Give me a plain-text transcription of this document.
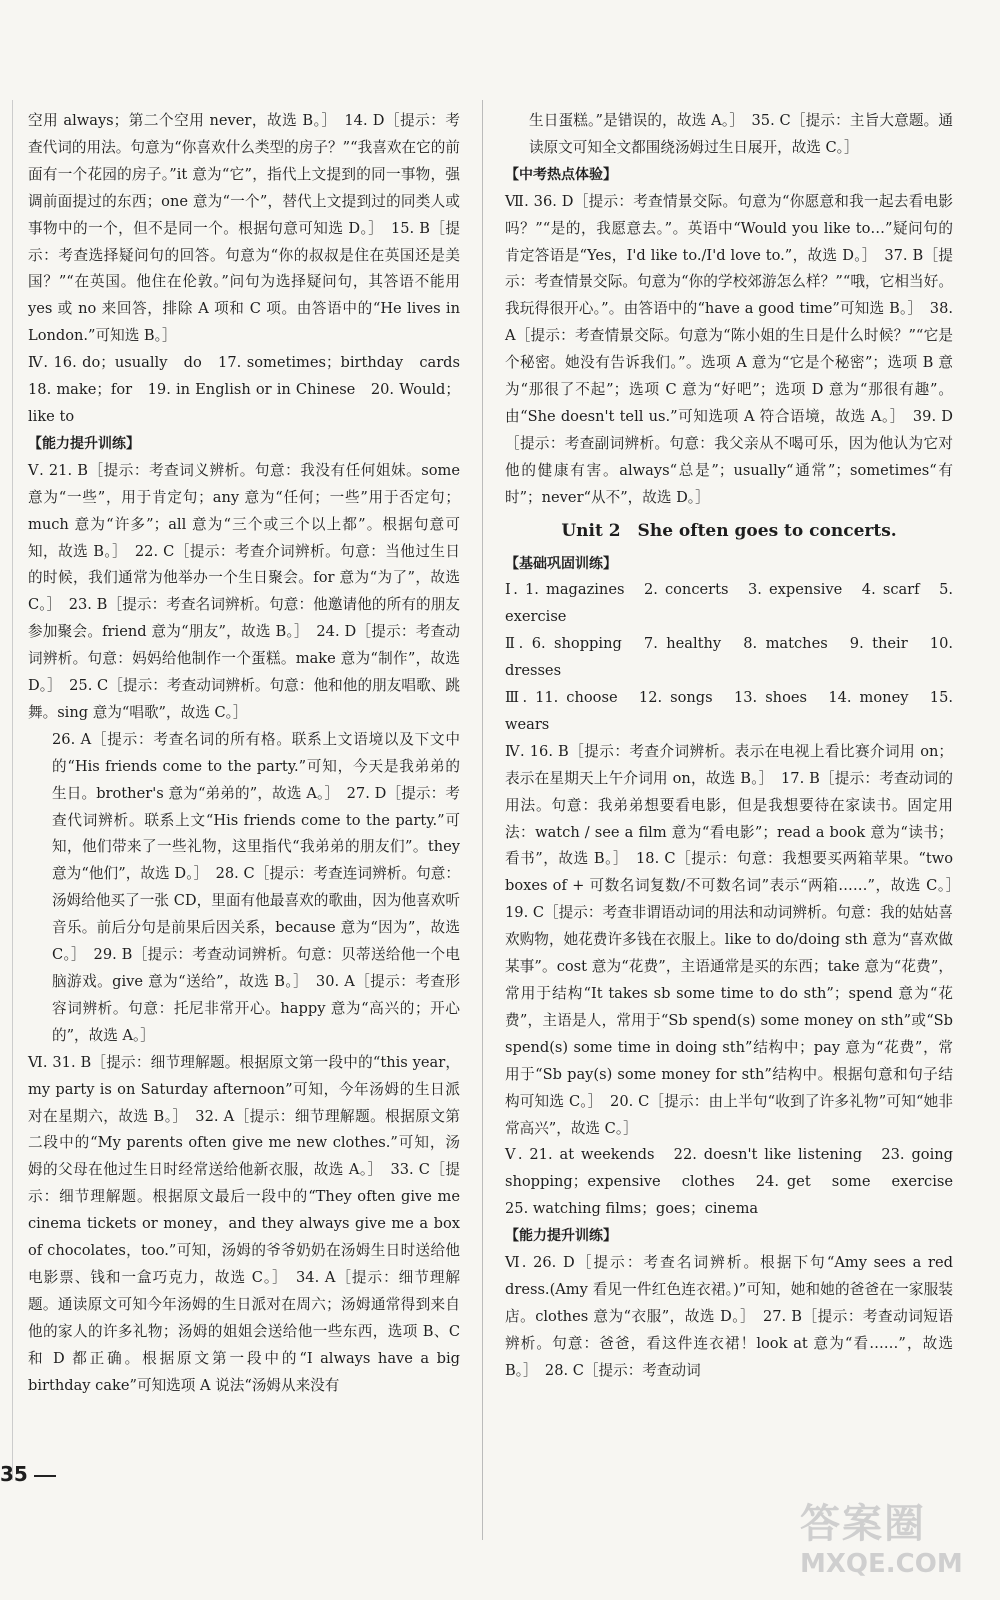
空用 always；第二个空用 never，故选 B。］　14. D［提示：考查代词的用法。句意为“你喜欢什么类型的房子？”“我喜欢在它的前面有一个花园的房子。”it 意为“它”，指代上文提到的同一事物，强调前面提过的东西；one 意为“一个”，替代上文提到过的同类人或事物中的一个，但不是同一个。根据句意可知选 D。］　15. B［提示：考查选择疑问句的回答。句意为“你的叔叔是住在英国还是美国？”“在英国。他住在伦敦。”问句为选择疑问句，其答语不能用 yes 或 no 来回答，排除 A 项和 C 项。由答语中的“He lives in London.”可知选 B。］

Ⅳ. 16. do；usually　do　17. sometimes；birthday　cards　18. make；for　19. in English or in Chinese　20. Would；like to

【能力提升训练】

Ⅴ. 21. B［提示：考查词义辨析。句意：我没有任何姐妹。some 意为“一些”，用于肯定句；any 意为“任何；一些”用于否定句；much 意为“许多”；all 意为“三个或三个以上都”。根据句意可知，故选 B。］　22. C［提示：考查介词辨析。句意：当他过生日的时候，我们通常为他举办一个生日聚会。for 意为“为了”，故选 C。］　23. B［提示：考查名词辨析。句意：他邀请他的所有的朋友参加聚会。friend 意为“朋友”，故选 B。］　24. D［提示：考查动词辨析。句意：妈妈给他制作一个蛋糕。make 意为“制作”，故选 D。］　25. C［提示：考查动词辨析。句意：他和他的朋友唱歌、跳舞。sing 意为“唱歌”，故选 C。］

26. A［提示：考查名词的所有格。联系上文语境以及下文中的“His friends come to the party.”可知，今天是我弟弟的生日。brother's 意为“弟弟的”，故选 A。］　27. D［提示：考查代词辨析。联系上文“His friends come to the party.”可知，他们带来了一些礼物，这里指代“我弟弟的朋友们”。they 意为“他们”，故选 D。］　28. C［提示：考查连词辨析。句意：汤姆给他买了一张 CD，里面有他最喜欢的歌曲，因为他喜欢听音乐。前后分句是前果后因关系，because 意为“因为”，故选 C。］　29. B［提示：考查动词辨析。句意：贝蒂送给他一个电脑游戏。give 意为“送给”，故选 B。］　30. A［提示：考查形容词辨析。句意：托尼非常开心。happy 意为“高兴的；开心的”，故选 A。］

Ⅵ. 31. B［提示：细节理解题。根据原文第一段中的“this year，my party is on Saturday afternoon”可知，今年汤姆的生日派对在星期六，故选 B。］　32. A［提示：细节理解题。根据原文第二段中的“My parents often give me new clothes.”可知，汤姆的父母在他过生日时经常送给他新衣服，故选 A。］　33. C［提示：细节理解题。根据原文最后一段中的“They often give me cinema tickets or money，and they always give me a box of chocolates，too.”可知，汤姆的爷爷奶奶在汤姆生日时送给他电影票、钱和一盒巧克力，故选 C。］　34. A［提示：细节理解题。通读原文可知今年汤姆的生日派对在周六；汤姆通常得到来自他的家人的许多礼物；汤姆的姐姐会送给他一些东西，选项 B、C 和 D 都正确。根据原文第一段中的“I always have a big birthday cake”可知选项 A 说法“汤姆从来没有

生日蛋糕。”是错误的，故选 A。］　35. C［提示：主旨大意题。通读原文可知全文都围绕汤姆过生日展开，故选 C。］

【中考热点体验】

Ⅶ. 36. D［提示：考查情景交际。句意为“你愿意和我一起去看电影吗？”“是的，我愿意去。”。英语中“Would you like to…”疑问句的肯定答语是“Yes，I'd like to./I'd love to.”，故选 D。］　37. B［提示：考查情景交际。句意为“你的学校郊游怎么样？”“哦，它相当好。我玩得很开心。”。由答语中的“have a good time”可知选 B。］　38. A［提示：考查情景交际。句意为“陈小姐的生日是什么时候？”“它是个秘密。她没有告诉我们。”。选项 A 意为“它是个秘密”；选项 B 意为“那很了不起”；选项 C 意为“好吧”；选项 D 意为“那很有趣”。由“She doesn't tell us.”可知选项 A 符合语境，故选 A。］　39. D［提示：考查副词辨析。句意：我父亲从不喝可乐，因为他认为它对他的健康有害。always“总是”；usually“通常”；sometimes“有时”；never“从不”，故选 D。］

Unit 2　She often goes to concerts.

【基础巩固训练】

Ⅰ. 1. magazines　2. concerts　3. expensive　4. scarf　5. exercise

Ⅱ. 6. shopping　7. healthy　8. matches　9. their　10. dresses

Ⅲ. 11. choose　12. songs　13. shoes　14. money　15. wears

Ⅳ. 16. B［提示：考查介词辨析。表示在电视上看比赛介词用 on；表示在星期天上午介词用 on，故选 B。］　17. B［提示：考查动词的用法。句意：我弟弟想要看电影，但是我想要待在家读书。固定用法：watch / see a film 意为“看电影”；read a book 意为“读书；看书”，故选 B。］　18. C［提示：句意：我想要买两箱苹果。“two boxes of + 可数名词复数/不可数名词”表示“两箱……”，故选 C。］　19. C［提示：考查非谓语动词的用法和动词辨析。句意：我的姑姑喜欢购物，她花费许多钱在衣服上。like to do/doing sth 意为“喜欢做某事”。cost 意为“花费”，主语通常是买的东西；take 意为“花费”，常用于结构“It takes sb some time to do sth”；spend 意为“花费”，主语是人，常用于“Sb spend(s) some money on sth”或“Sb spend(s) some time in doing sth”结构中；pay 意为“花费”，常用于“Sb pay(s) some money for sth”结构中。根据句意和句子结构可知选 C。］　20. C［提示：由上半句“收到了许多礼物”可知“她非常高兴”，故选 C。］

Ⅴ. 21. at weekends　22. doesn't like listening　23. going shopping；expensive　clothes　24. get　some　exercise　25. watching films；goes；cinema

【能力提升训练】

Ⅵ. 26. D［提示：考查名词辨析。根据下句“Amy sees a red dress.(Amy 看见一件红色连衣裙。)”可知，她和她的爸爸在一家服装店。clothes 意为“衣服”，故选 D。］　27. B［提示：考查动词短语辨析。句意：爸爸，看这件连衣裙！look at 意为“看……”，故选 B。］　28. C［提示：考查动词

35
答案圈
MXQE.COM
